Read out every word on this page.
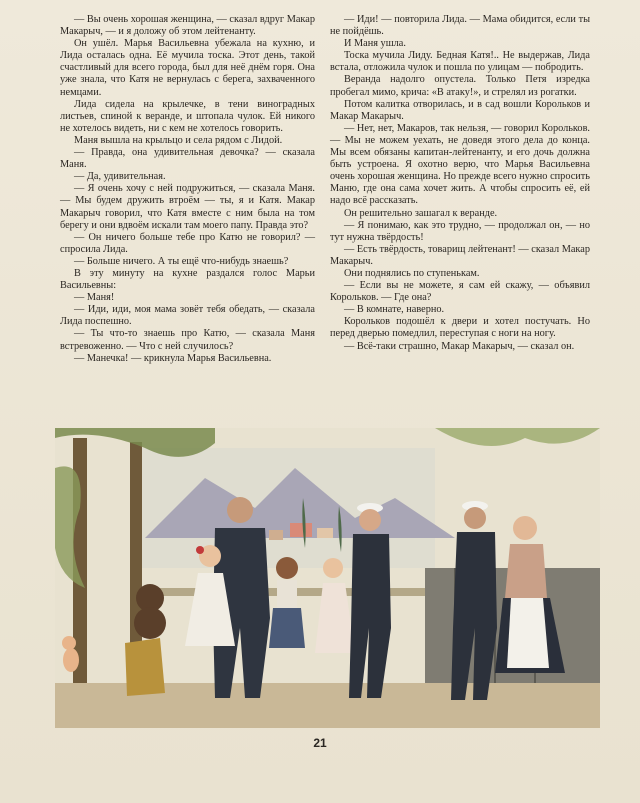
— Вы очень хорошая женщина, — сказал вдруг Макар Макарыч, — и я доложу об этом лейтенанту.

Он ушёл. Марья Васильевна убежала на кухню, и Лида осталась одна. Её мучила тоска. Этот день, такой счастливый для всего города, был для неё днём горя. Она уже знала, что Катя не вернулась с берега, захваченного немцами.

Лида сидела на крылечке, в тени виноградных листьев, спиной к веранде, и штопала чулок. Ей никого не хотелось видеть, ни с кем не хотелось говорить.

Маня вышла на крыльцо и села рядом с Лидой.

— Правда, она удивительная девочка? — сказала Маня.

— Да, удивительная.

— Я очень хочу с ней подружиться, — сказала Маня. — Мы будем дружить втроём — ты, я и Катя. Макар Макарыч говорил, что Катя вместе с ним была на том берегу и они вдвоём искали там моего папу. Правда это?

— Он ничего больше тебе про Катю не говорил? — спросила Лида.

— Больше ничего. А ты ещё что-нибудь знаешь?

В эту минуту на кухне раздался голос Марьи Васильевны:

— Маня!

— Иди, иди, моя мама зовёт тебя обедать, — сказала Лида поспешно.

— Ты что-то знаешь про Катю, — сказала Маня встревоженно. — Что с ней случилось?

— Манечка! — крикнула Марья Васильевна.

— Иди! — повторила Лида. — Мама обидится, если ты не пойдёшь.

И Маня ушла.

Тоска мучила Лиду. Бедная Катя!.. Не выдержав, Лида встала, отложила чулок и пошла по улицам — побродить.

Веранда надолго опустела. Только Петя изредка пробегал мимо, крича: «В атаку!», и стрелял из рогатки.

Потом калитка отворилась, и в сад вошли Корольков и Макар Макарыч.

— Нет, нет, Макаров, так нельзя, — говорил Корольков. — Мы не можем уехать, не доведя этого дела до конца. Мы всем обязаны капитан-лейтенанту, и его дочь должна быть устроена. Я охотно верю, что Марья Васильевна очень хорошая женщина. Но прежде всего нужно спросить Маню, где она сама хочет жить. А чтобы спросить её, ей надо всё рассказать.

Он решительно зашагал к веранде.

— Я понимаю, как это трудно, — продолжал он, — но тут нужна твёрдость!

— Есть твёрдость, товарищ лейтенант! — сказал Макар Макарыч.

Они поднялись по ступенькам.

— Если вы не можете, я сам ей скажу, — объявил Корольков. — Где она?

— В комнате, наверно.

Корольков подошёл к двери и хотел постучать. Но перед дверью помедлил, переступая с ноги на ногу.

— Всё-таки страшно, Макар Макарыч, — сказал он.

21
